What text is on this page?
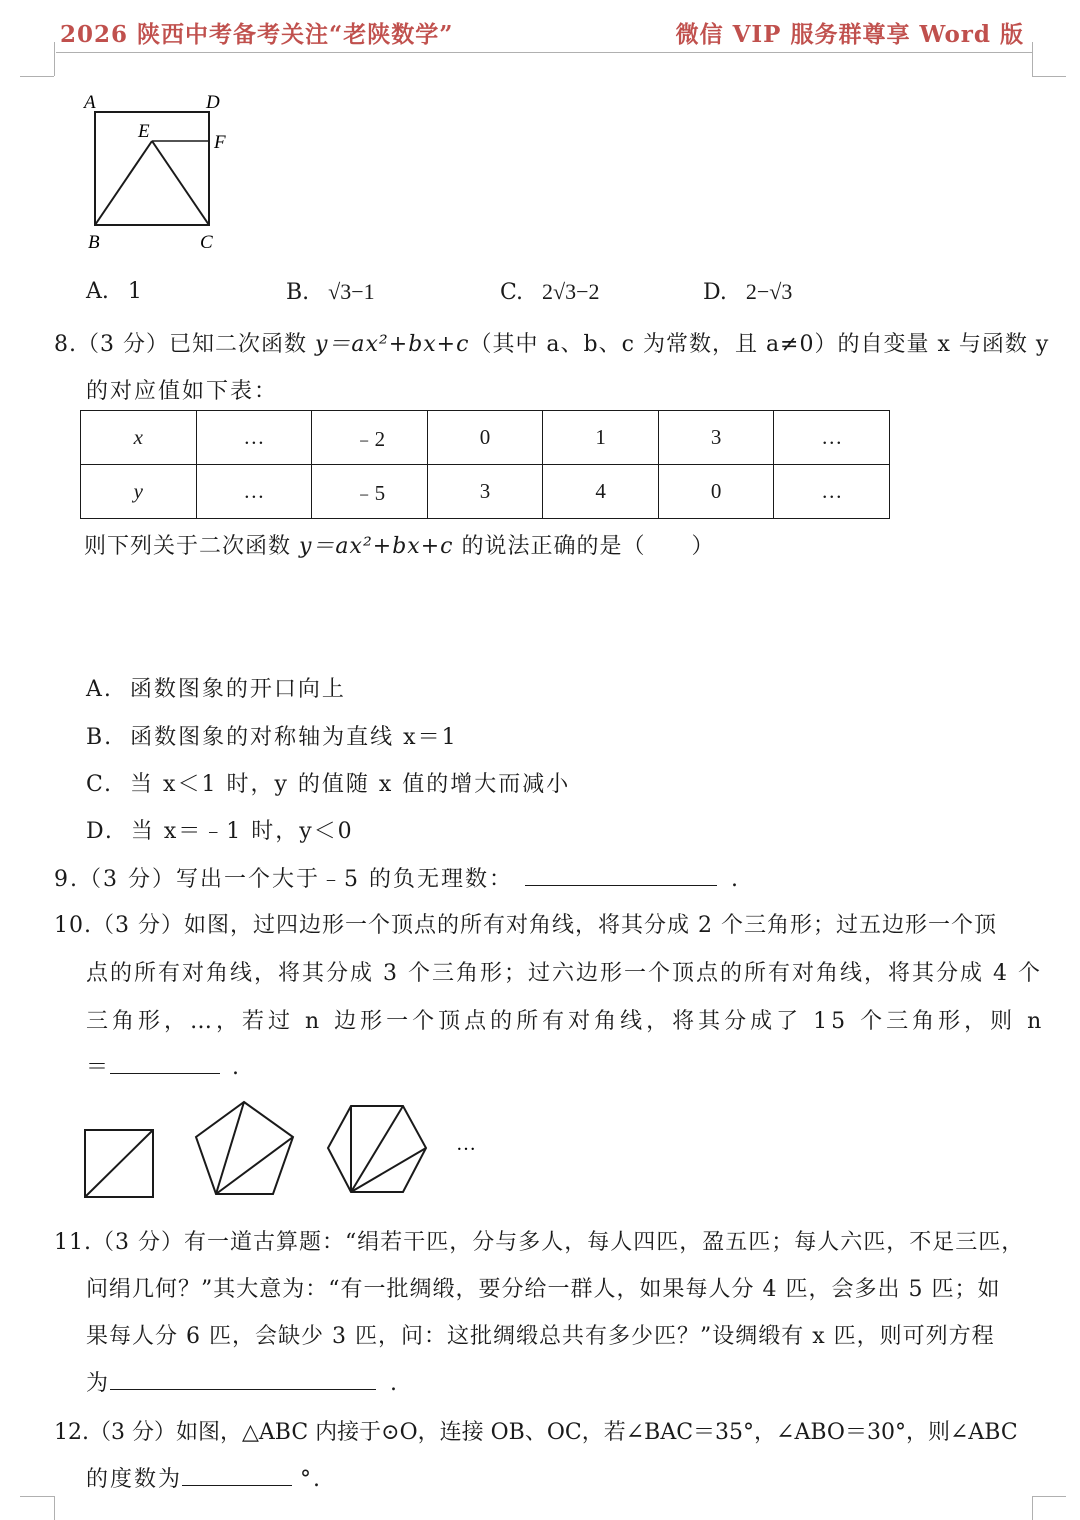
2026 陕西中考备考关注“老陕数学”	微信 VIP 服务群尊享 Word 版
A	D
E
F
B	C
A. 1	B. √3−1	C. 2√3−2	D. 2−√3
8.（3 分）已知二次函数 y＝ax²+bx+c（其中 a、b、c 为常数，且 a≠0）的自变量 x 与函数 y
的对应值如下表：
x	…	﹣2	0	1	3	…
y	…	﹣5	3	4	0	…
则下列关于二次函数 y＝ax²+bx+c 的说法正确的是（　　）
A. 函数图象的开口向上
B. 函数图象的对称轴为直线 x＝1
C. 当 x＜1 时，y 的值随 x 值的增大而减小
D. 当 x＝﹣1 时，y＜0
9.（3 分）写出一个大于﹣5 的负无理数：	.
10.（3 分）如图，过四边形一个顶点的所有对角线，将其分成 2 个三角形；过五边形一个顶
点的所有对角线，将其分成 3 个三角形；过六边形一个顶点的所有对角线，将其分成 4 个
三角形，…，若过 n 边形一个顶点的所有对角线，将其分成了 15 个三角形，则 n
＝	.
…
11.（3 分）有一道古算题：“绢若干匹，分与多人，每人四匹，盈五匹；每人六匹，不足三匹，
问绢几何？”其大意为：“有一批绸缎，要分给一群人，如果每人分 4 匹，会多出 5 匹；如
果每人分 6 匹，会缺少 3 匹，问：这批绸缎总共有多少匹？”设绸缎有 x 匹，则可列方程
为	.
12.（3 分）如图，△ABC 内接于⊙O，连接 OB、OC，若∠BAC＝35°，∠ABO＝30°，则∠ABC
的度数为	°.
